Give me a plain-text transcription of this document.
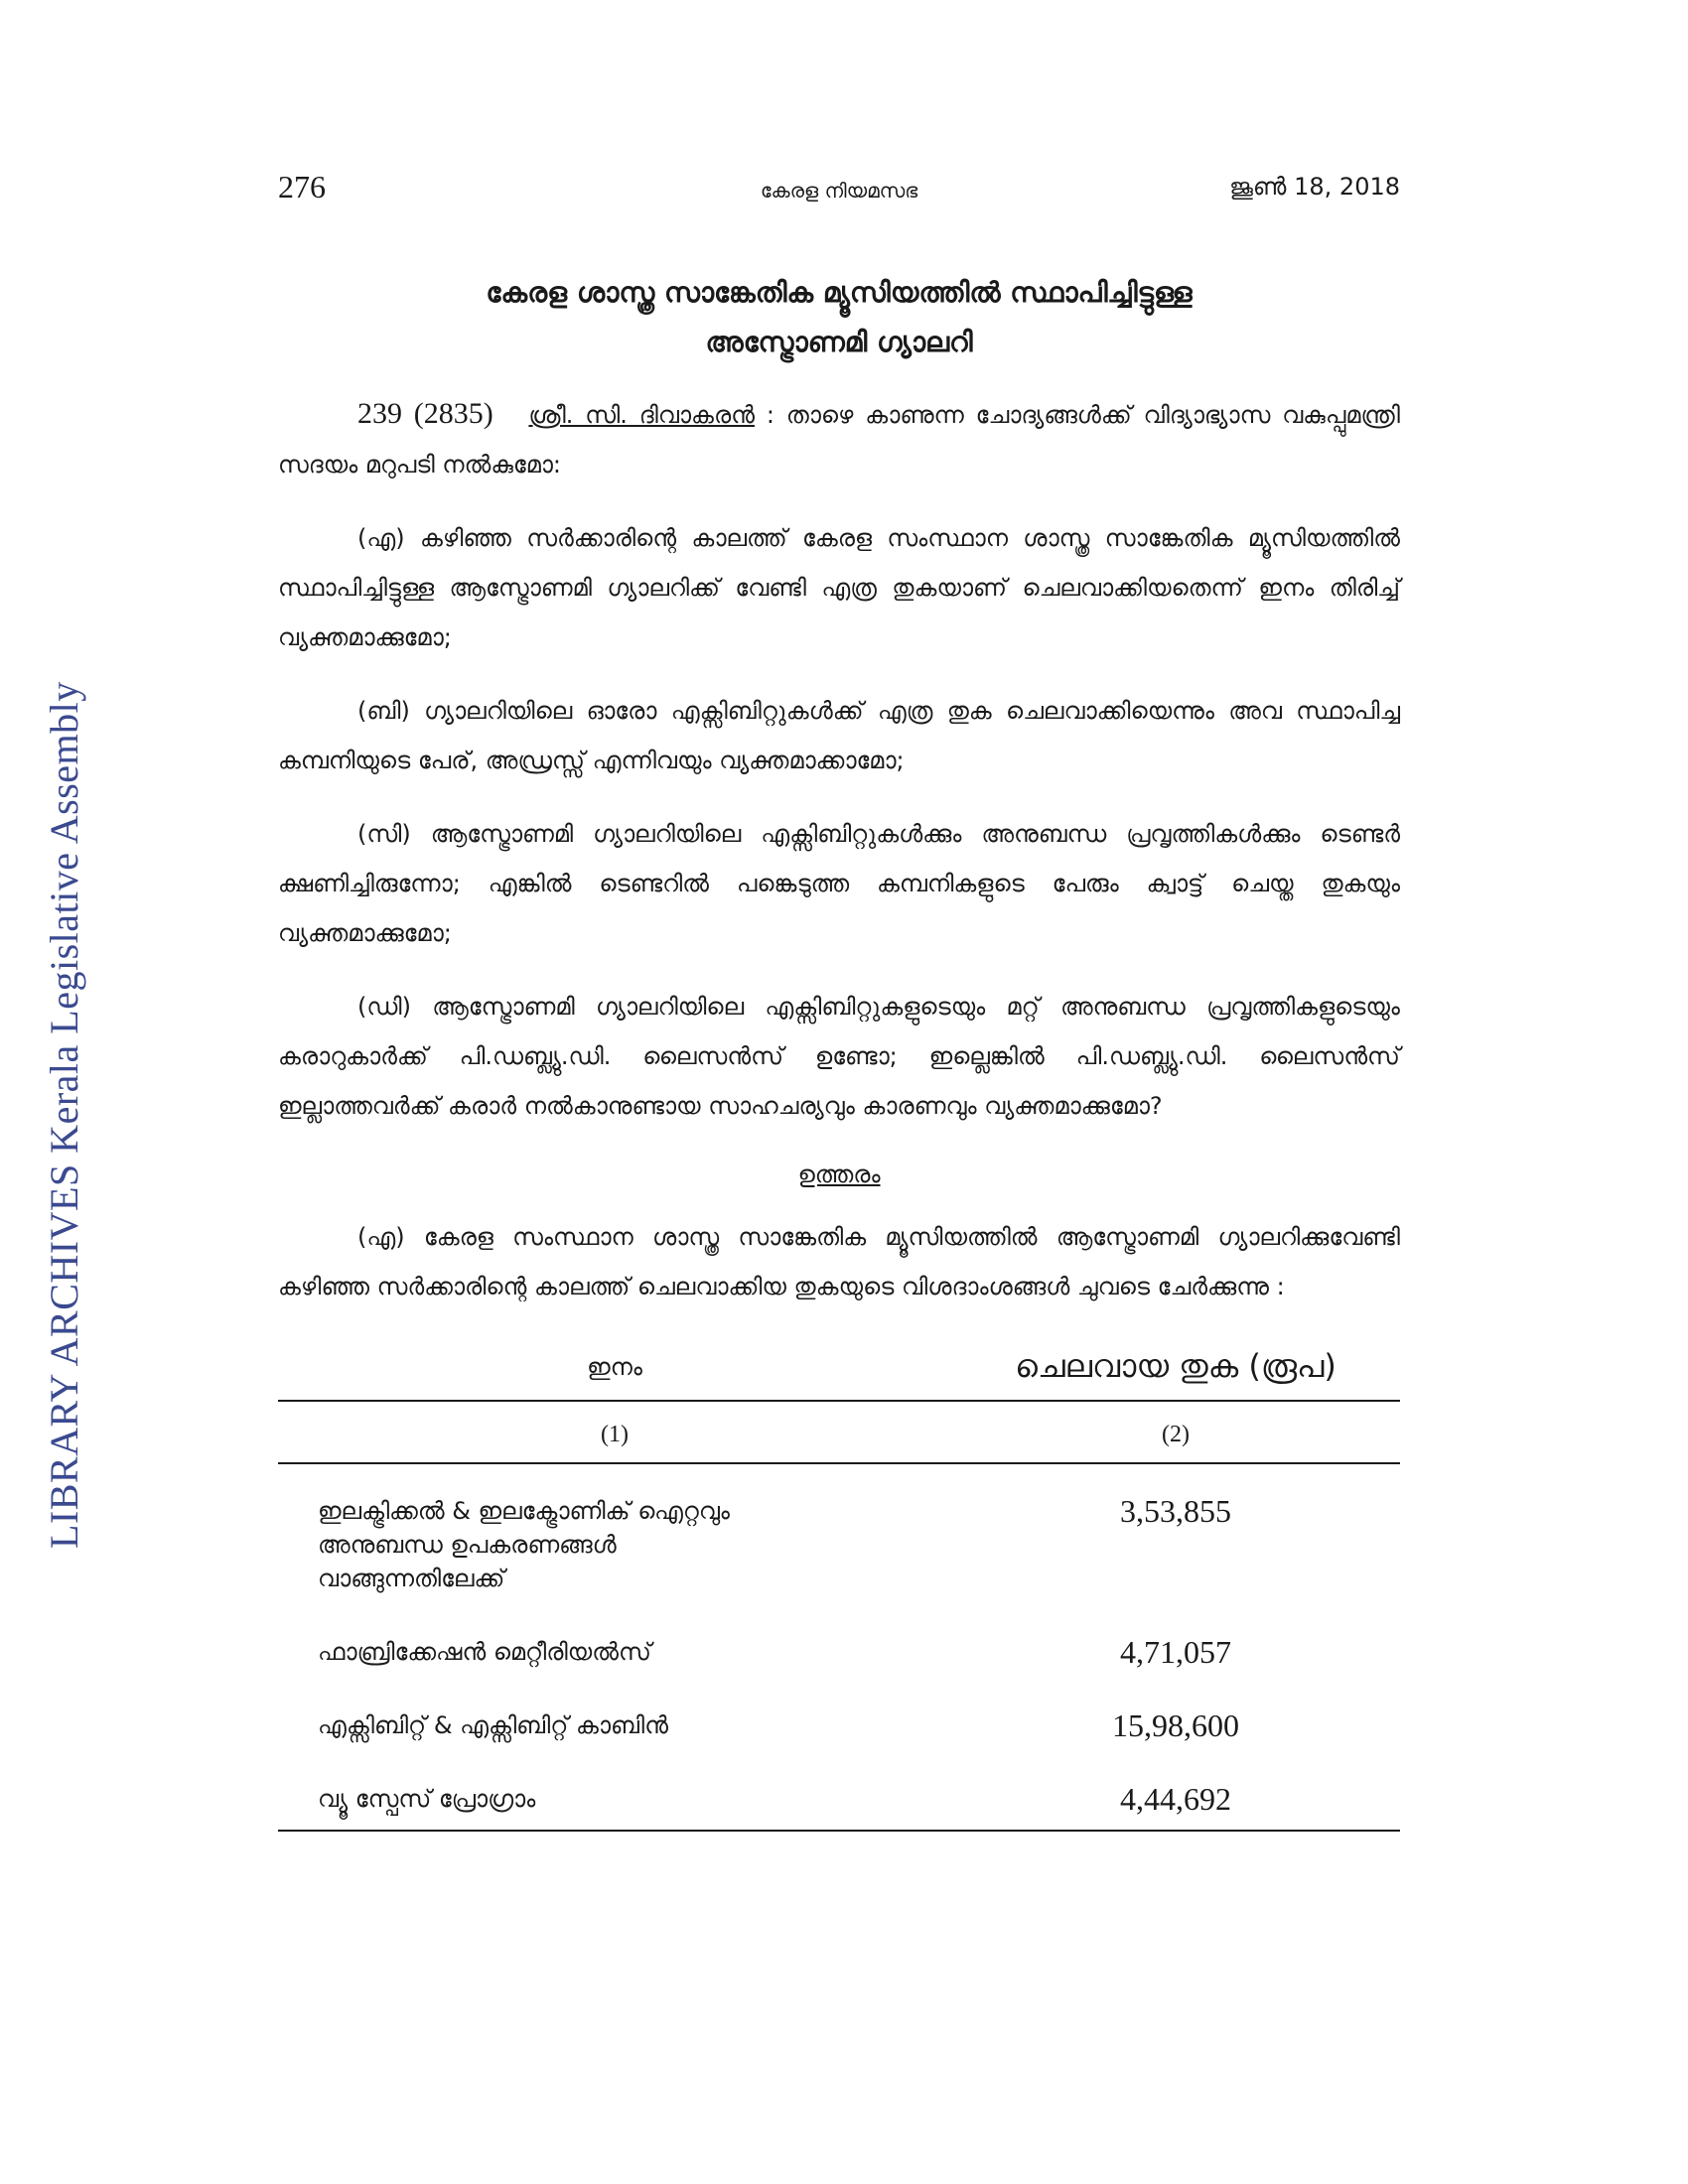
LIBRARY ARCHIVES Kerala Legislative Assembly
276	കേരള നിയമസഭ	ജൂൺ 18, 2018
കേരള ശാസ്ത്ര സാങ്കേതിക മ്യൂസിയത്തിൽ സ്ഥാപിച്ചിട്ടുള്ള
അസ്ട്രോണമി ഗ്യാലറി

239 (2835) ശ്രീ. സി. ദിവാകരൻ : താഴെ കാണുന്ന ചോദ്യങ്ങൾക്ക് വിദ്യാഭ്യാസ വകുപ്പുമന്ത്രി സദയം മറുപടി നൽകുമോ:

(എ) കഴിഞ്ഞ സർക്കാരിന്റെ കാലത്ത് കേരള സംസ്ഥാന ശാസ്ത്ര സാങ്കേതിക മ്യൂസിയത്തിൽ സ്ഥാപിച്ചിട്ടുള്ള ആസ്ട്രോണമി ഗ്യാലറിക്ക് വേണ്ടി എത്ര തുകയാണ് ചെലവാക്കിയതെന്ന് ഇനം തിരിച്ച് വ്യക്തമാക്കുമോ;

(ബി) ഗ്യാലറിയിലെ ഓരോ എക്സിബിറ്റുകൾക്ക് എത്ര തുക ചെലവാക്കിയെന്നും അവ സ്ഥാപിച്ച കമ്പനിയുടെ പേര്, അഡ്രസ്സ് എന്നിവയും വ്യക്തമാക്കാമോ;

(സി) ആസ്ട്രോണമി ഗ്യാലറിയിലെ എക്സിബിറ്റുകൾക്കും അനുബന്ധ പ്രവൃത്തികൾക്കും ടെണ്ടർ ക്ഷണിച്ചിരുന്നോ; എങ്കിൽ ടെണ്ടറിൽ പങ്കെടുത്ത കമ്പനികളുടെ പേരും ക്വാട്ട് ചെയ്ത തുകയും വ്യക്തമാക്കുമോ;

(ഡി) ആസ്ട്രോണമി ഗ്യാലറിയിലെ എക്സിബിറ്റുകളുടെയും മറ്റ് അനുബന്ധ പ്രവൃത്തികളുടെയും കരാറുകാർക്ക് പി.ഡബ്ല്യു.ഡി. ലൈസൻസ് ഉണ്ടോ; ഇല്ലെങ്കിൽ പി.ഡബ്ല്യു.ഡി. ലൈസൻസ് ഇല്ലാത്തവർക്ക് കരാർ നൽകാനുണ്ടായ സാഹചര്യവും കാരണവും വ്യക്തമാക്കുമോ?

ഉത്തരം

(എ) കേരള സംസ്ഥാന ശാസ്ത്ര സാങ്കേതിക മ്യൂസിയത്തിൽ ആസ്ട്രോണമി ഗ്യാലറിക്കുവേണ്ടി കഴിഞ്ഞ സർക്കാരിന്റെ കാലത്ത് ചെലവാക്കിയ തുകയുടെ വിശദാംശങ്ങൾ ചുവടെ ചേർക്കുന്നു :

ഇനം	ചെലവായ തുക (രൂപ)
(1)	(2)
ഇലക്ട്രിക്കൽ & ഇലക്ട്രോണിക് ഐറ്റവും അനുബന്ധ ഉപകരണങ്ങൾ വാങ്ങുന്നതിലേക്ക്	3,53,855
ഫാബ്രിക്കേഷൻ മെറ്റീരിയൽസ്	4,71,057
എക്സിബിറ്റ് & എക്സിബിറ്റ് കാബിൻ	15,98,600
വ്യൂ സ്പേസ് പ്രോഗ്രാം	4,44,692
